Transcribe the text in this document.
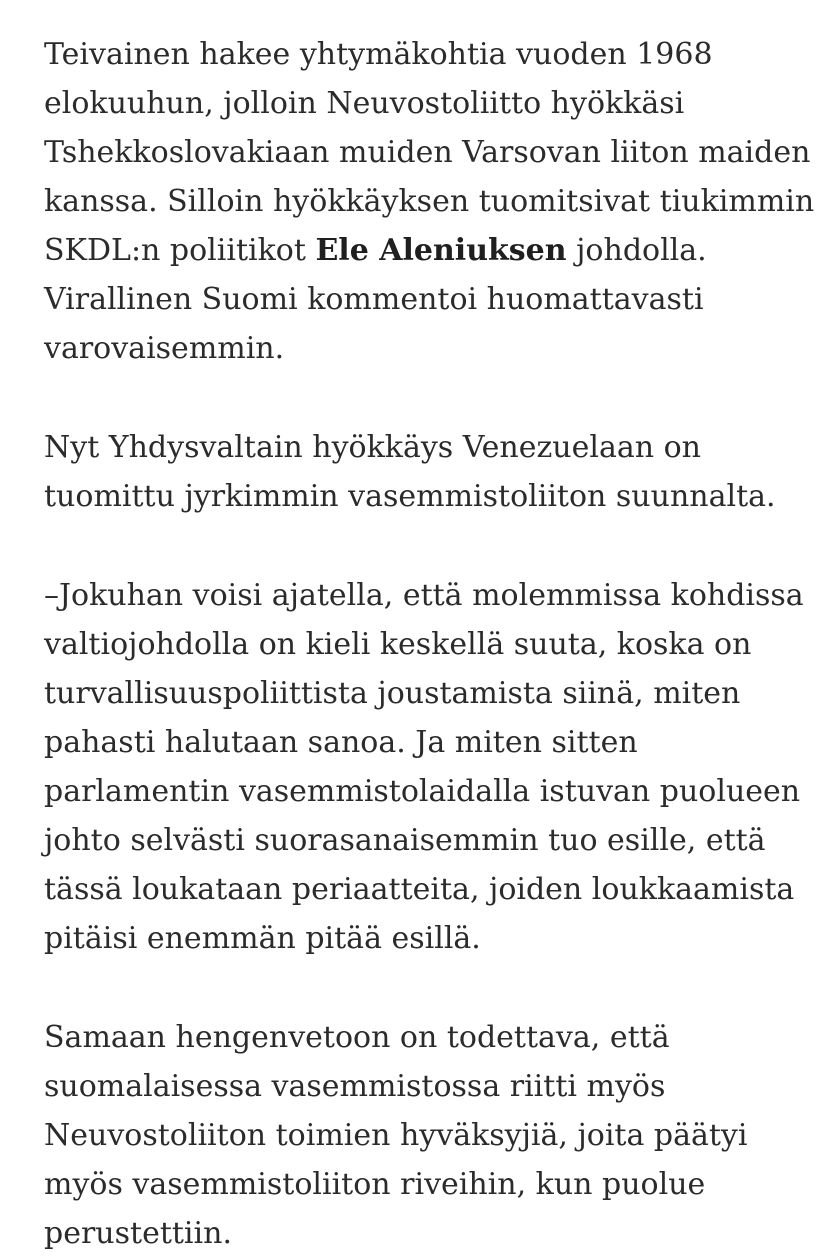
Teivainen hakee yhtymäkohtia vuoden 1968
elokuuhun, jolloin Neuvostoliitto hyökkäsi
Tshekkoslovakiaan muiden Varsovan liiton maiden
kanssa. Silloin hyökkäyksen tuomitsivat tiukimmin
SKDL:n poliitikot Ele Aleniuksen johdolla.
Virallinen Suomi kommentoi huomattavasti
varovaisemmin.

Nyt Yhdysvaltain hyökkäys Venezuelaan on
tuomittu jyrkimmin vasemmistoliiton suunnalta.

–Jokuhan voisi ajatella, että molemmissa kohdissa
valtiojohdolla on kieli keskellä suuta, koska on
turvallisuuspoliittista joustamista siinä, miten
pahasti halutaan sanoa. Ja miten sitten
parlamentin vasemmistolaidalla istuvan puolueen
johto selvästi suorasanaisemmin tuo esille, että
tässä loukataan periaatteita, joiden loukkaamista
pitäisi enemmän pitää esillä.

Samaan hengenvetoon on todettava, että
suomalaisessa vasemmistossa riitti myös
Neuvostoliiton toimien hyväksyjiä, joita päätyi
myös vasemmistoliiton riveihin, kun puolue
perustettiin.
